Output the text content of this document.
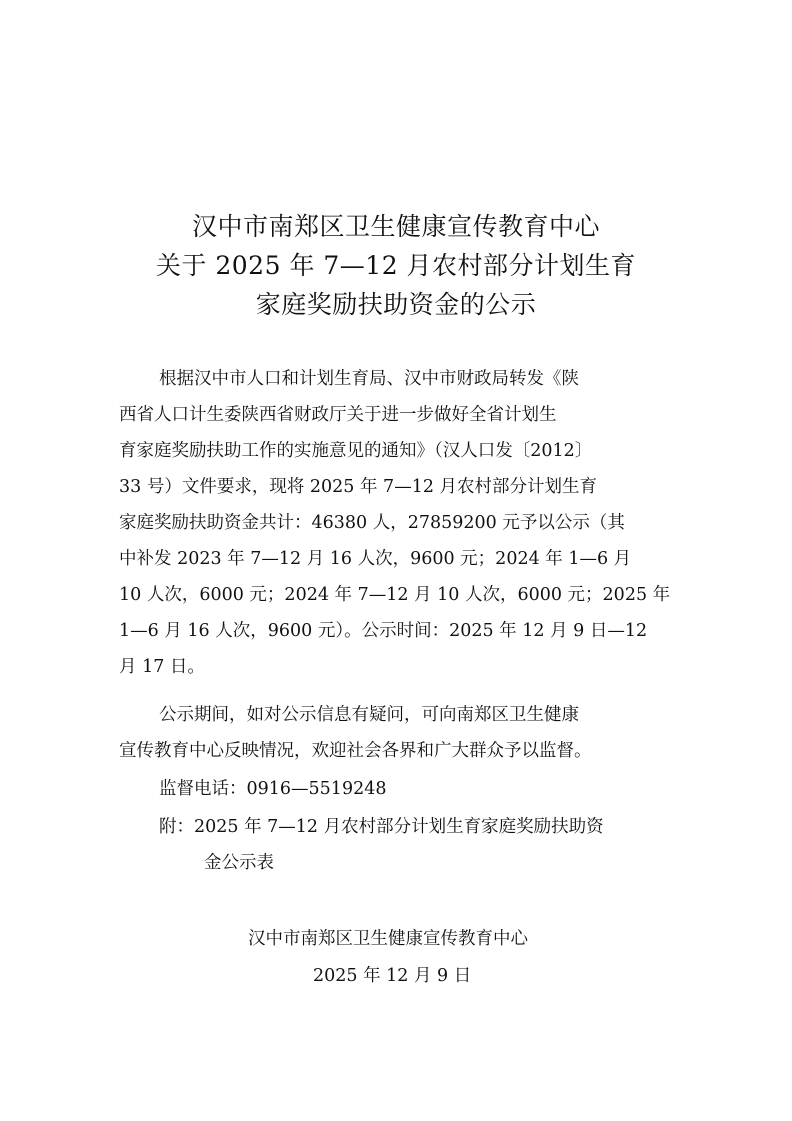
汉中市南郑区卫生健康宣传教育中心
关于 2025 年 7—12 月农村部分计划生育
家庭奖励扶助资金的公示

根据汉中市人口和计划生育局、汉中市财政局转发《陕

西省人口计生委陕西省财政厅关于进一步做好全省计划生

育家庭奖励扶助工作的实施意见的通知》（汉人口发〔2012〕

33 号）文件要求，现将 2025 年 7—12 月农村部分计划生育

家庭奖励扶助资金共计：46380 人，27859200 元予以公示（其

中补发 2023 年 7—12 月 16 人次，9600 元；2024 年 1—6 月

10 人次，6000 元；2024 年 7—12 月 10 人次，6000 元；2025 年

1—6 月 16 人次，9600 元）。公示时间：2025 年 12 月 9 日—12

月 17 日。

公示期间，如对公示信息有疑问，可向南郑区卫生健康

宣传教育中心反映情况，欢迎社会各界和广大群众予以监督。

监督电话：0916—5519248

附：2025 年 7—12 月农村部分计划生育家庭奖励扶助资

金公示表

汉中市南郑区卫生健康宣传教育中心

2025 年 12 月 9 日
